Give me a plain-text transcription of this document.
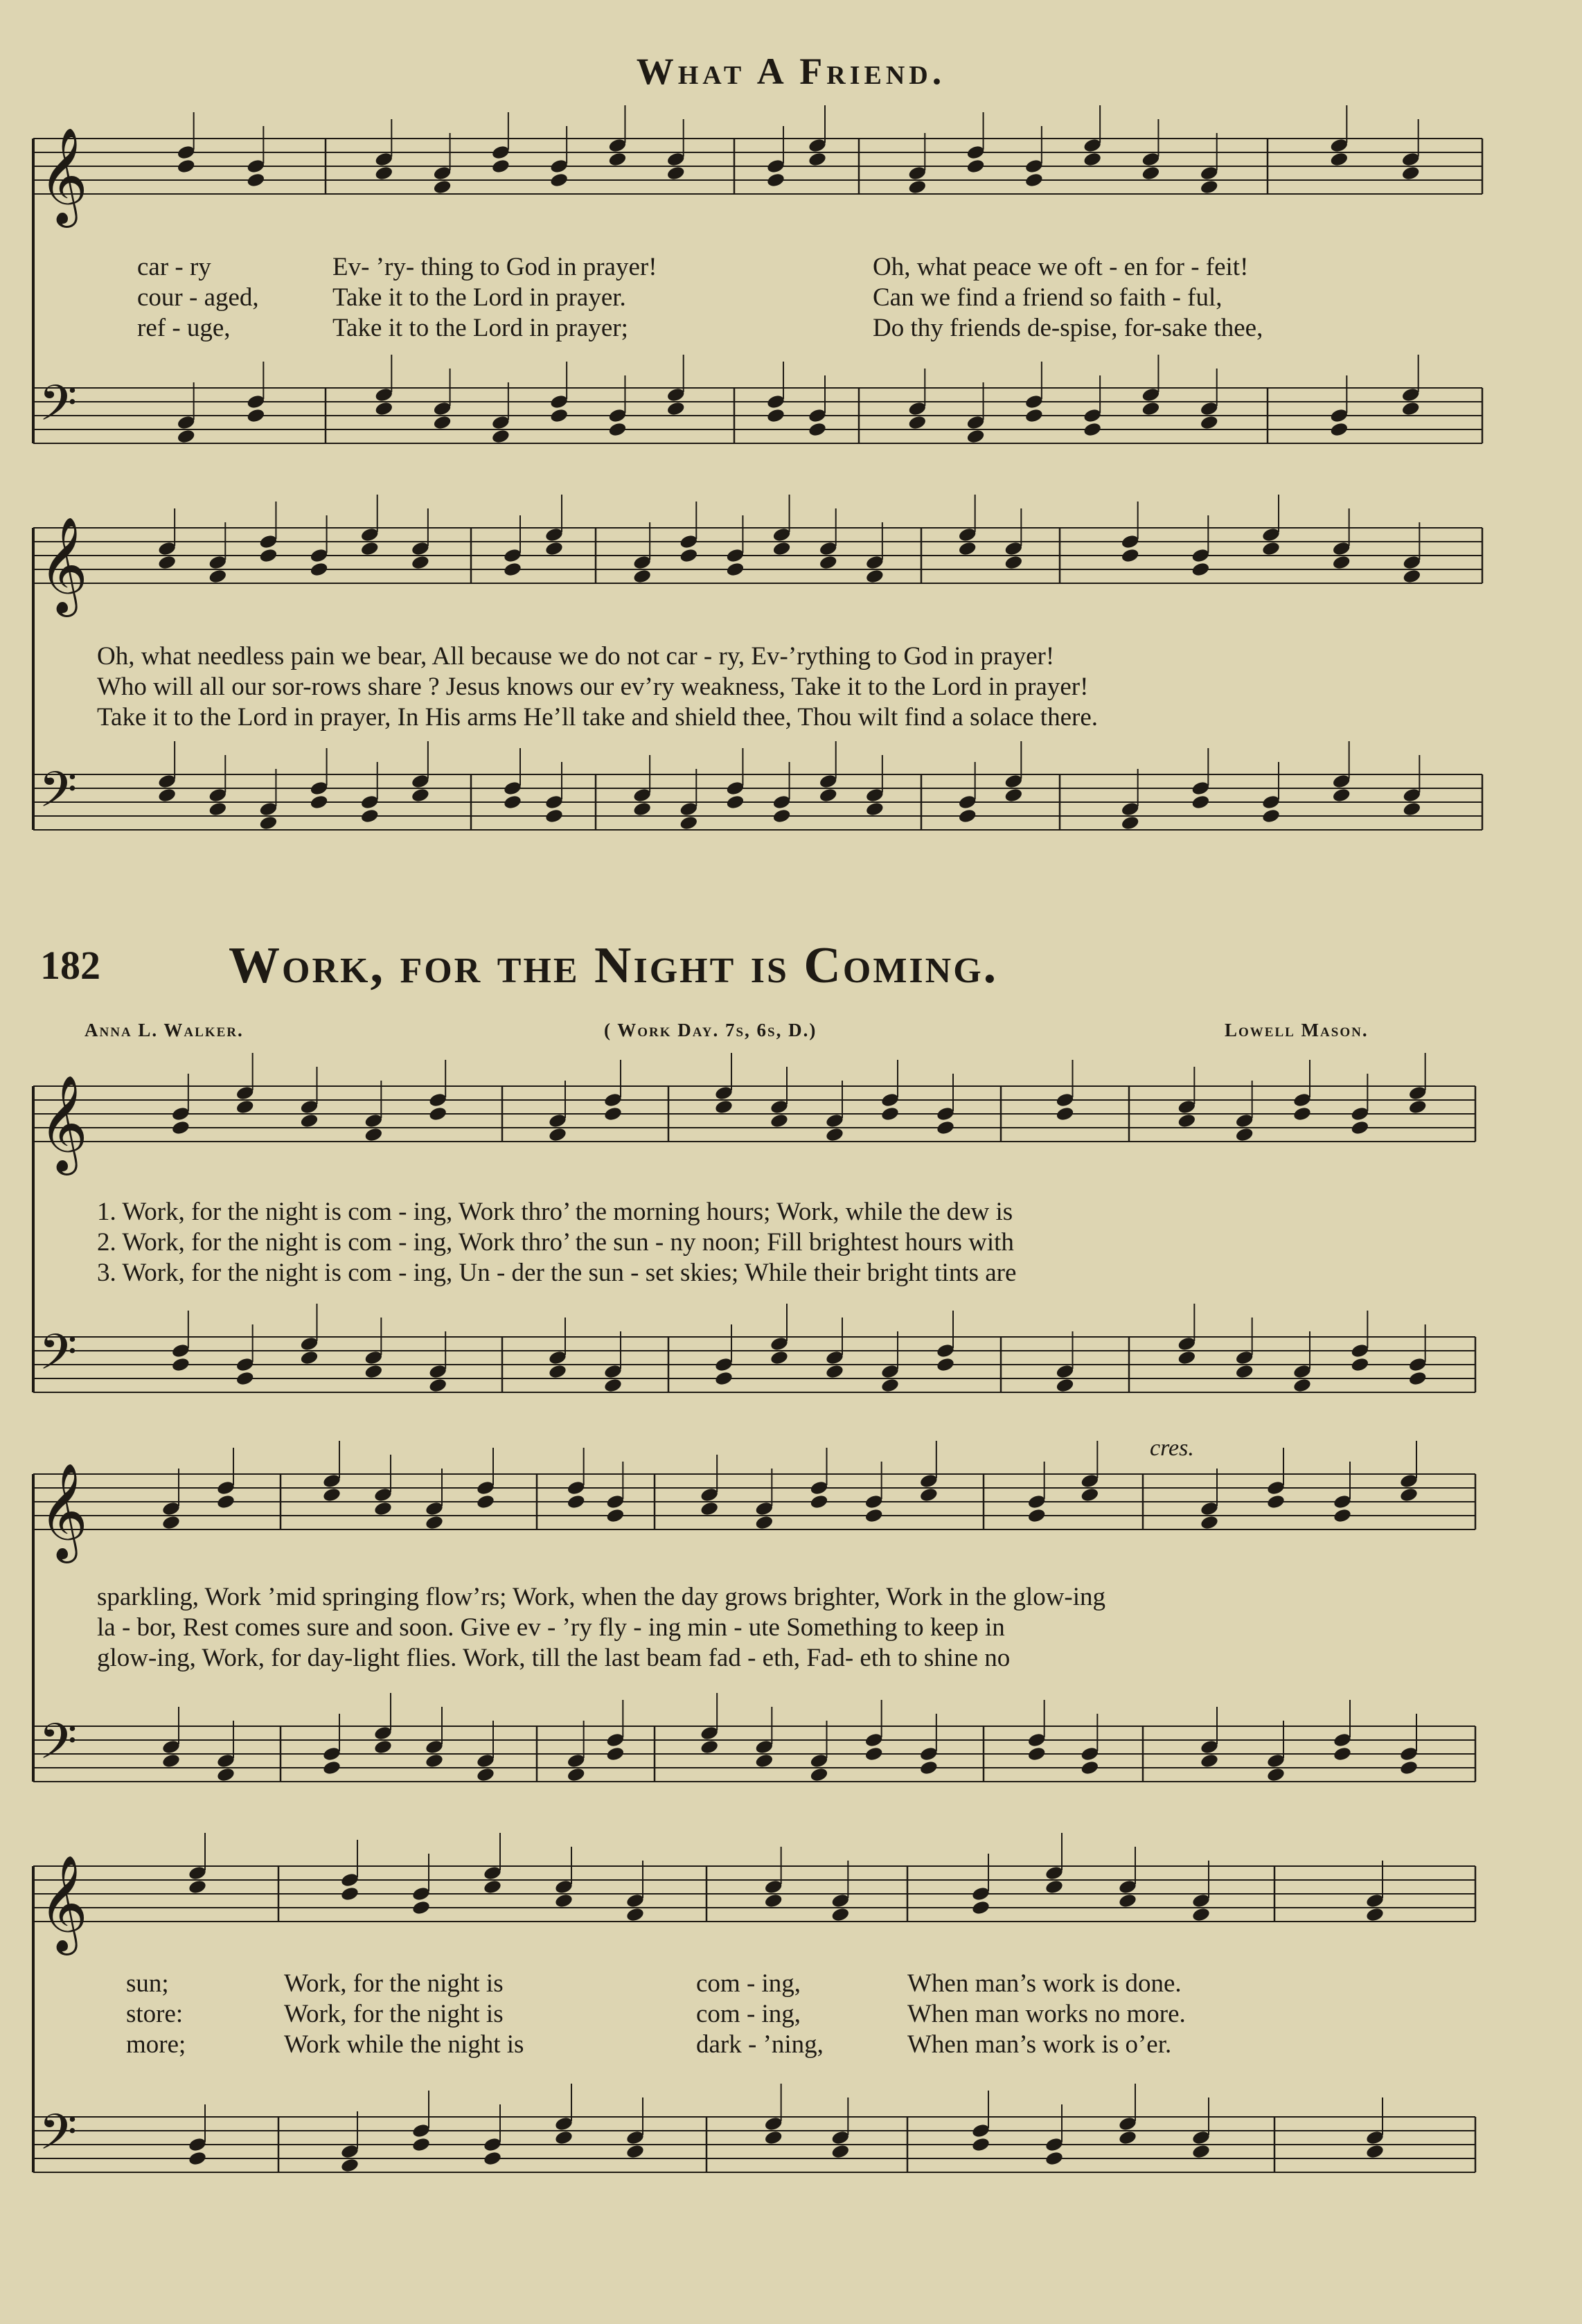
𝄞
𝄢
𝄞
𝄢
𝄞
𝄢
𝄞
𝄢
𝄞
𝄢
What A Friend.
car - ry	Ev- ’ry- thing to God in prayer!	Oh, what peace we oft - en for - feit!
cour - aged,	Take it to the Lord in prayer.	Can we find a friend so faith - ful,
ref - uge,	Take it to the Lord in prayer;	Do thy friends de-spise, for-sake thee,
Oh, what needless pain we bear, All because we do not car - ry, Ev-’rything to God in prayer!
Who will all our sor-rows share ? Jesus knows our ev’ry weakness, Take it to the Lord in prayer!
Take it to the Lord in prayer, In His arms He’ll take and shield thee, Thou wilt find a solace there.
182	Work, for the Night is Coming.
Anna L. Walker.	( Work Day. 7s, 6s, D.)	Lowell Mason.
1. Work, for the night is com - ing, Work thro’ the morning hours; Work, while the dew is
2. Work, for the night is com - ing, Work thro’ the sun - ny noon; Fill brightest hours with
3. Work, for the night is com - ing, Un - der the sun - set skies; While their bright tints are
cres.
sparkling, Work ’mid springing flow’rs; Work, when the day grows brighter, Work in the glow-ing
la - bor, Rest comes sure and soon. Give ev - ’ry fly - ing min - ute Something to keep in
glow-ing, Work, for day-light flies. Work, till the last beam fad - eth, Fad- eth to shine no
sun;	Work, for the night is	com - ing,	When man’s work is done.
store:	Work, for the night is	com - ing,	When man works no more.
more;	Work while the night is	dark - ’ning,	When man’s work is o’er.
